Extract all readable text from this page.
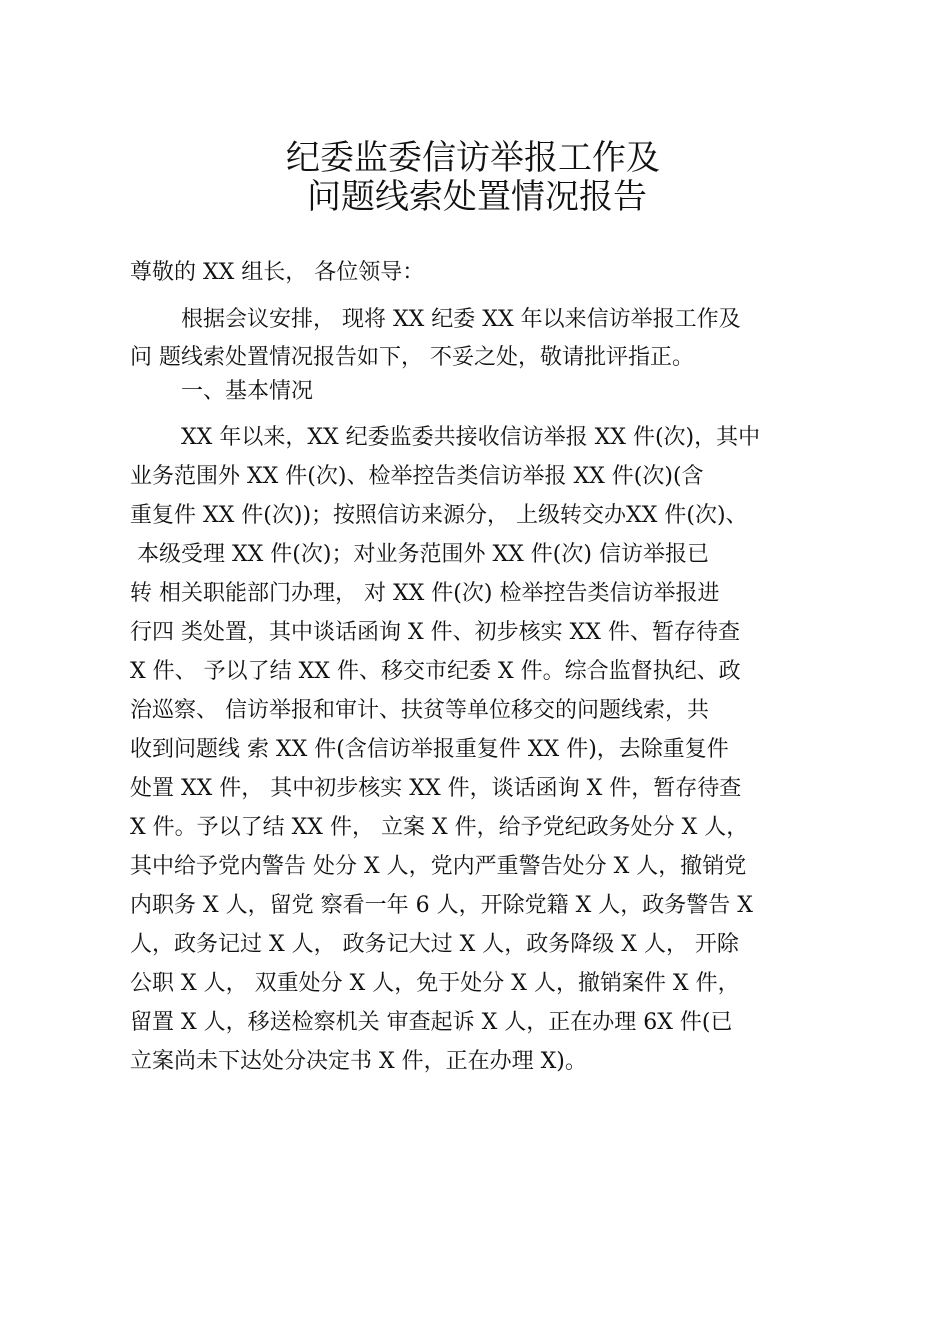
纪委监委信访举报工作及
问题线索处置情况报告
尊敬的 XX 组长， 各位领导：
根据会议安排， 现将 XX 纪委 XX 年以来信访举报工作及
问 题线索处置情况报告如下， 不妥之处，敬请批评指正。
一、基本情况
XX 年以来，XX 纪委监委共接收信访举报 XX 件(次)，其中
业务范围外 XX 件(次)、检举控告类信访举报 XX 件(次)(含
重复件 XX 件(次))；按照信访来源分， 上级转交办XX 件(次)、
本级受理 XX 件(次)；对业务范围外 XX 件(次) 信访举报已
转 相关职能部门办理， 对 XX 件(次) 检举控告类信访举报进
行四 类处置，其中谈话函询 X 件、初步核实 XX 件、暂存待查
X 件、 予以了结 XX 件、移交市纪委 X 件。综合监督执纪、政
治巡察、 信访举报和审计、扶贫等单位移交的问题线索，共
收到问题线 索 XX 件(含信访举报重复件 XX 件)，去除重复件
处置 XX 件， 其中初步核实 XX 件，谈话函询 X 件，暂存待查
X 件。予以了结 XX 件， 立案 X 件，给予党纪政务处分 X 人，
其中给予党内警告 处分 X 人，党内严重警告处分 X 人，撤销党
内职务 X 人，留党 察看一年 6 人，开除党籍 X 人，政务警告 X
人，政务记过 X 人， 政务记大过 X 人，政务降级 X 人， 开除
公职 X 人， 双重处分 X 人，免于处分 X 人，撤销案件 X 件，
留置 X 人，移送检察机关 审查起诉 X 人，正在办理 6X 件(已
立案尚未下达处分决定书 X 件，正在办理 X)。
